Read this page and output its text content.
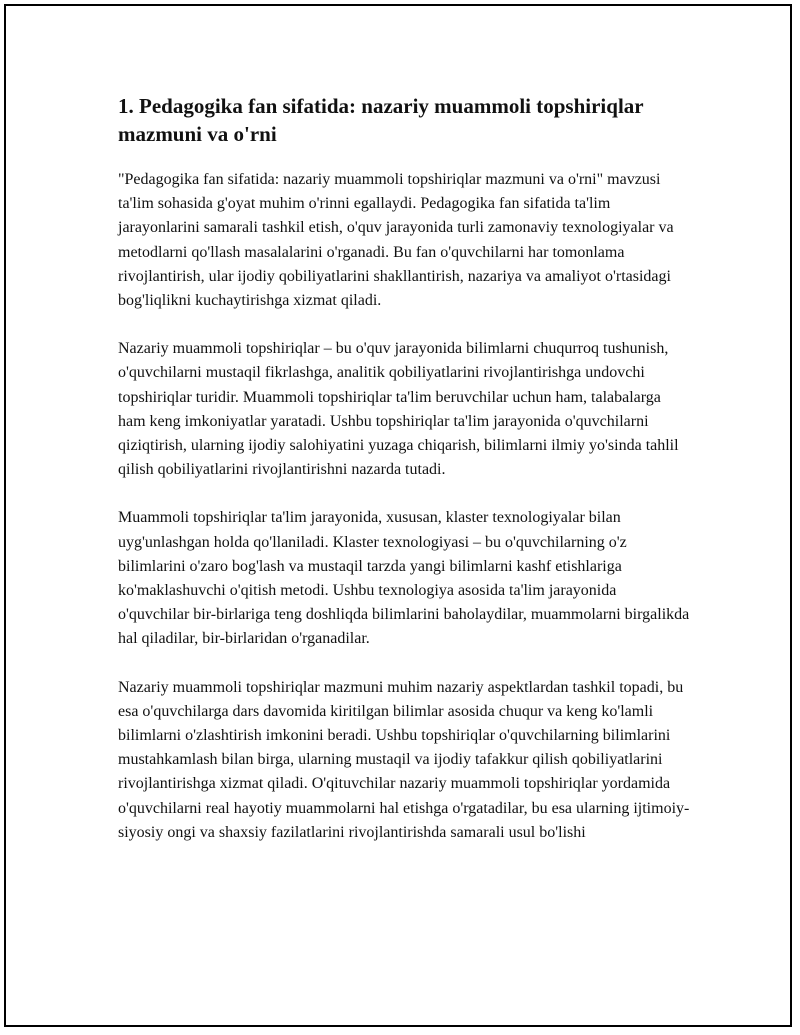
1. Pedagogika fan sifatida: nazariy muammoli topshiriqlar mazmuni va o'rni

"Pedagogika fan sifatida: nazariy muammoli topshiriqlar mazmuni va o'rni" mavzusi ta'lim sohasida g'oyat muhim o'rinni egallaydi. Pedagogika fan sifatida ta'lim jarayonlarini samarali tashkil etish, o'quv jarayonida turli zamonaviy texnologiyalar va metodlarni qo'llash masalalarini o'rganadi. Bu fan o'quvchilarni har tomonlama rivojlantirish, ular ijodiy qobiliyatlarini shakllantirish, nazariya va amaliyot o'rtasidagi bog'liqlikni kuchaytirishga xizmat qiladi.

Nazariy muammoli topshiriqlar – bu o'quv jarayonida bilimlarni chuqurroq tushunish, o'quvchilarni mustaqil fikrlashga, analitik qobiliyatlarini rivojlantirishga undovchi topshiriqlar turidir. Muammoli topshiriqlar ta'lim beruvchilar uchun ham, talabalarga ham keng imkoniyatlar yaratadi. Ushbu topshiriqlar ta'lim jarayonida o'quvchilarni qiziqtirish, ularning ijodiy salohiyatini yuzaga chiqarish, bilimlarni ilmiy yo'sinda tahlil qilish qobiliyatlarini rivojlantirishni nazarda tutadi.

Muammoli topshiriqlar ta'lim jarayonida, xususan, klaster texnologiyalar bilan uyg'unlashgan holda qo'llaniladi. Klaster texnologiyasi – bu o'quvchilarning o'z bilimlarini o'zaro bog'lash va mustaqil tarzda yangi bilimlarni kashf etishlariga ko'maklashuvchi o'qitish metodi. Ushbu texnologiya asosida ta'lim jarayonida o'quvchilar bir-birlariga teng doshliqda bilimlarini baholaydilar, muammolarni birgalikda hal qiladilar, bir-birlaridan o'rganadilar.

Nazariy muammoli topshiriqlar mazmuni muhim nazariy aspektlardan tashkil topadi, bu esa o'quvchilarga dars davomida kiritilgan bilimlar asosida chuqur va keng ko'lamli bilimlarni o'zlashtirish imkonini beradi. Ushbu topshiriqlar o'quvchilarning bilimlarini mustahkamlash bilan birga, ularning mustaqil va ijodiy tafakkur qilish qobiliyatlarini rivojlantirishga xizmat qiladi. O'qituvchilar nazariy muammoli topshiriqlar yordamida o'quvchilarni real hayotiy muammolarni hal etishga o'rgatadilar, bu esa ularning ijtimoiy-siyosiy ongi va shaxsiy fazilatlarini rivojlantirishda samarali usul bo'lishi
